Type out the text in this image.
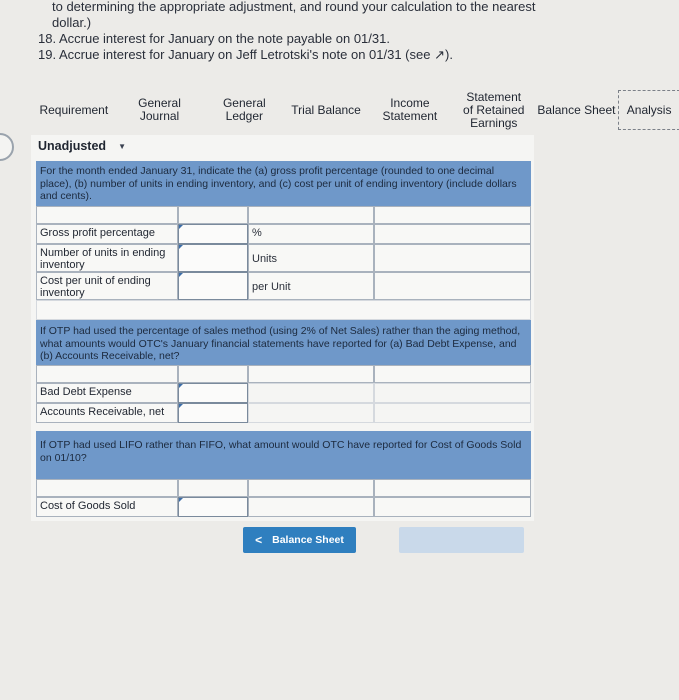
to determining the appropriate adjustment, and round your calculation to the nearest
dollar.)
18. Accrue interest for January on the note payable on 01/31.
19. Accrue interest for January on Jeff Letrotski's note on 01/31 (see ↗).
Requirement	General Journal
General Ledger	Trial Balance	Income Statement
Statement of Retained Earnings
Balance Sheet Analysis
Unadjusted ▼
For the month ended January 31, indicate the (a) gross profit percentage (rounded to one decimal place), (b) number of units in ending inventory, and (c) cost per unit of ending inventory (include dollars and cents).
Gross profit percentage	%
Number of units in ending inventory	Units
Cost per unit of ending inventory	per Unit
If OTP had used the percentage of sales method (using 2% of Net Sales) rather than the aging method, what amounts would OTC's January financial statements have reported for (a) Bad Debt Expense, and (b) Accounts Receivable, net?
Bad Debt Expense
Accounts Receivable, net
If OTP had used LIFO rather than FIFO, what amount would OTC have reported for Cost of Goods Sold on 01/10?
Cost of Goods Sold
< Balance Sheet
